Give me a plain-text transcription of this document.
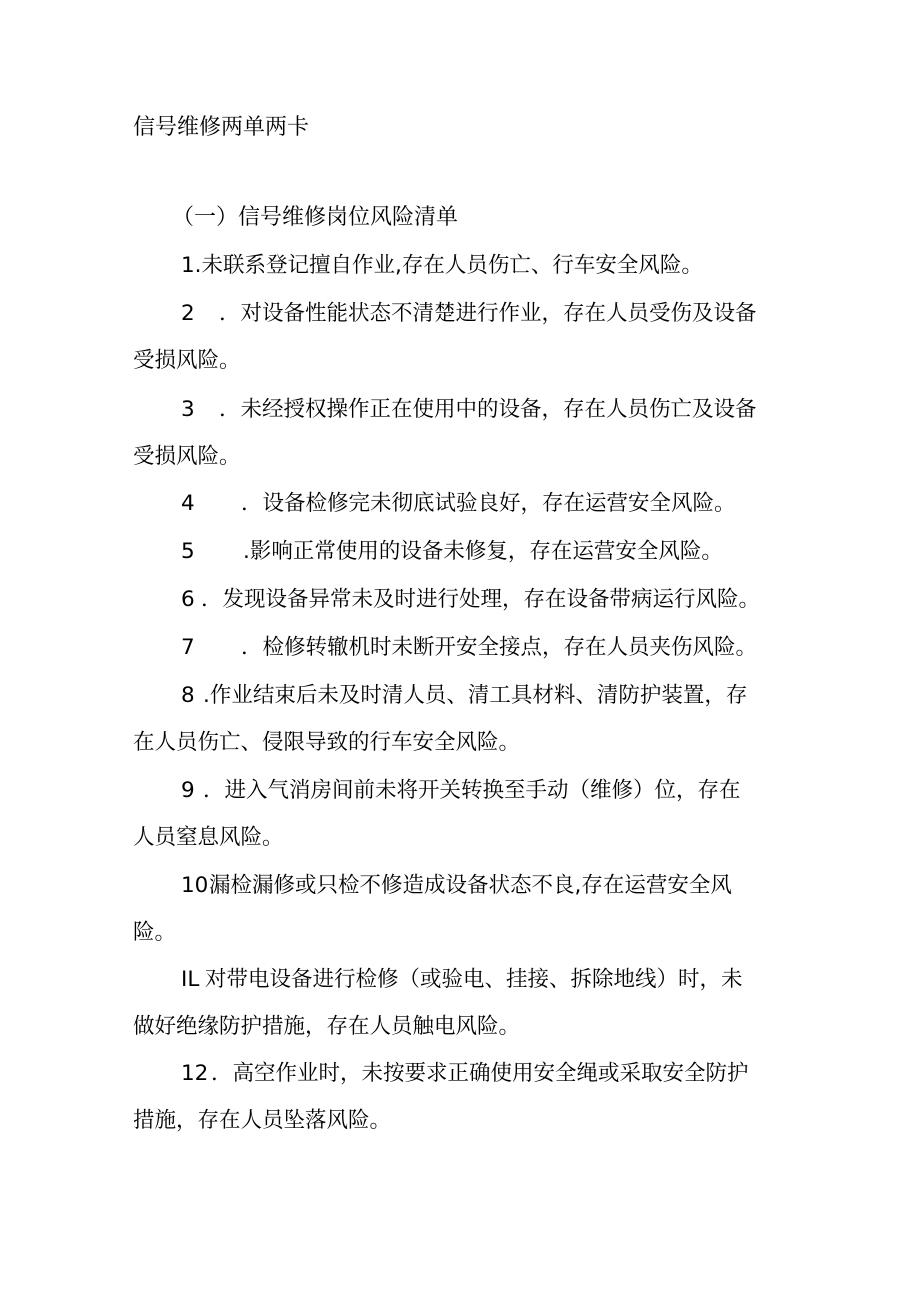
信号维修两单两卡
（一）信号维修岗位风险清单
1.未联系登记擅自作业,存在人员伤亡、行车安全风险。
2 ．对设备性能状态不清楚进行作业，存在人员受伤及设备
受损风险。
3 ．未经授权操作正在使用中的设备，存在人员伤亡及设备
受损风险。
4 ．设备检修完未彻底试验良好，存在运营安全风险。
5 .影响正常使用的设备未修复，存在运营安全风险。
6 ．发现设备异常未及时进行处理，存在设备带病运行风险。
7 ．检修转辙机时未断开安全接点，存在人员夹伤风险。
8 .作业结束后未及时清人员、清工具材料、清防护装置，存
在人员伤亡、侵限导致的行车安全风险。
9 ．进入气消房间前未将开关转换至手动（维修）位，存在
人员窒息风险。
10漏检漏修或只检不修造成设备状态不良,存在运营安全风
险。
IL 对带电设备进行检修（或验电、挂接、拆除地线）时，未
做好绝缘防护措施，存在人员触电风险。
12 ．高空作业时，未按要求正确使用安全绳或采取安全防护
措施，存在人员坠落风险。
